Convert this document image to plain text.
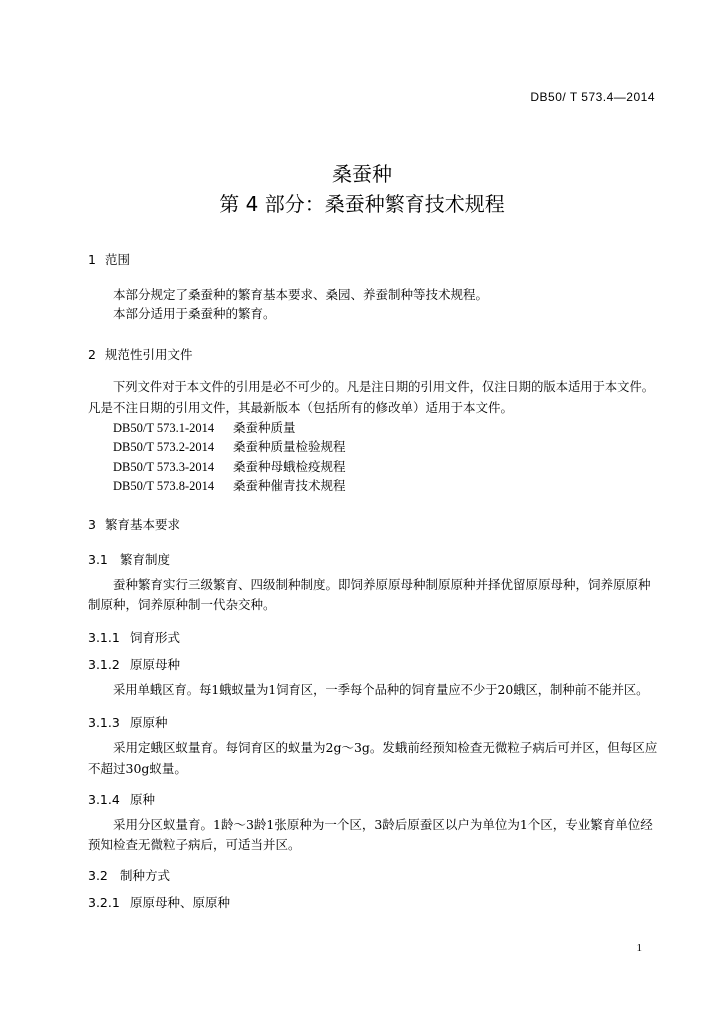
DB50/ T 573.4—2014
桑蚕种
第 4 部分：桑蚕种繁育技术规程
1 范围
本部分规定了桑蚕种的繁育基本要求、桑园、养蚕制种等技术规程。
本部分适用于桑蚕种的繁育。
2 规范性引用文件
下列文件对于本文件的引用是必不可少的。凡是注日期的引用文件，仅注日期的版本适用于本文件。
凡是不注日期的引用文件，其最新版本（包括所有的修改单）适用于本文件。
DB50/T 573.1-2014 桑蚕种质量
DB50/T 573.2-2014 桑蚕种质量检验规程
DB50/T 573.3-2014 桑蚕种母蛾检疫规程
DB50/T 573.8-2014 桑蚕种催青技术规程
3 繁育基本要求
3.1 繁育制度
蚕种繁育实行三级繁育、四级制种制度。即饲养原原母种制原原种并择优留原原母种，饲养原原种
制原种，饲养原种制一代杂交种。
3.1.1 饲育形式
3.1.2 原原母种
采用单蛾区育。每1蛾蚁量为1饲育区，一季每个品种的饲育量应不少于20蛾区，制种前不能并区。
3.1.3 原原种
采用定蛾区蚁量育。每饲育区的蚁量为2g～3g。发蛾前经预知检查无微粒子病后可并区，但每区应
不超过30g蚁量。
3.1.4 原种
采用分区蚁量育。1龄～3龄1张原种为一个区，3龄后原蚕区以户为单位为1个区，专业繁育单位经
预知检查无微粒子病后，可适当并区。
3.2 制种方式
3.2.1 原原母种、原原种
1
